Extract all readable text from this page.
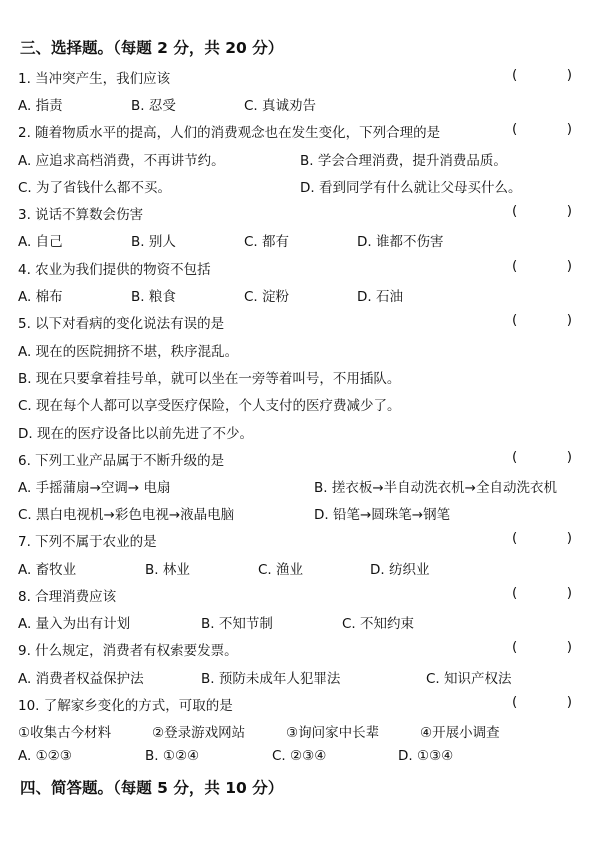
三、选择题。（每题 2 分，共 20 分）
1. 当冲突产生，我们应该	(	)
A. 指责	B. 忍受	C. 真诚劝告
2. 随着物质水平的提高，人们的消费观念也在发生变化，下列合理的是	(	)
A. 应追求高档消费，不再讲节约。	B. 学会合理消费，提升消费品质。
C. 为了省钱什么都不买。	D. 看到同学有什么就让父母买什么。
3. 说话不算数会伤害	(	)
A. 自己	B. 别人	C. 都有	D. 谁都不伤害
4. 农业为我们提供的物资不包括	(	)
A. 棉布	B. 粮食	C. 淀粉	D. 石油
5. 以下对看病的变化说法有误的是	(	)
A. 现在的医院拥挤不堪，秩序混乱。
B. 现在只要拿着挂号单，就可以坐在一旁等着叫号，不用插队。
C. 现在每个人都可以享受医疗保险，个人支付的医疗费减少了。
D. 现在的医疗设备比以前先进了不少。
6. 下列工业产品属于不断升级的是	(	)
A. 手摇蒲扇→空调→ 电扇	B. 搓衣板→半自动洗衣机→全自动洗衣机
C. 黑白电视机→彩色电视→液晶电脑	D. 铅笔→圆珠笔→钢笔
7. 下列不属于农业的是	(	)
A. 畜牧业	B. 林业	C. 渔业	D. 纺织业
8. 合理消费应该	(	)
A. 量入为出有计划	B. 不知节制	C. 不知约束
9. 什么规定，消费者有权索要发票。	(	)
A. 消费者权益保护法	B. 预防未成年人犯罪法	C. 知识产权法
10. 了解家乡变化的方式，可取的是	(	)
①收集古今材料	②登录游戏网站	③询问家中长辈	④开展小调查
A. ①②③	B. ①②④	C. ②③④	D. ①③④
四、简答题。（每题 5 分，共 10 分）
